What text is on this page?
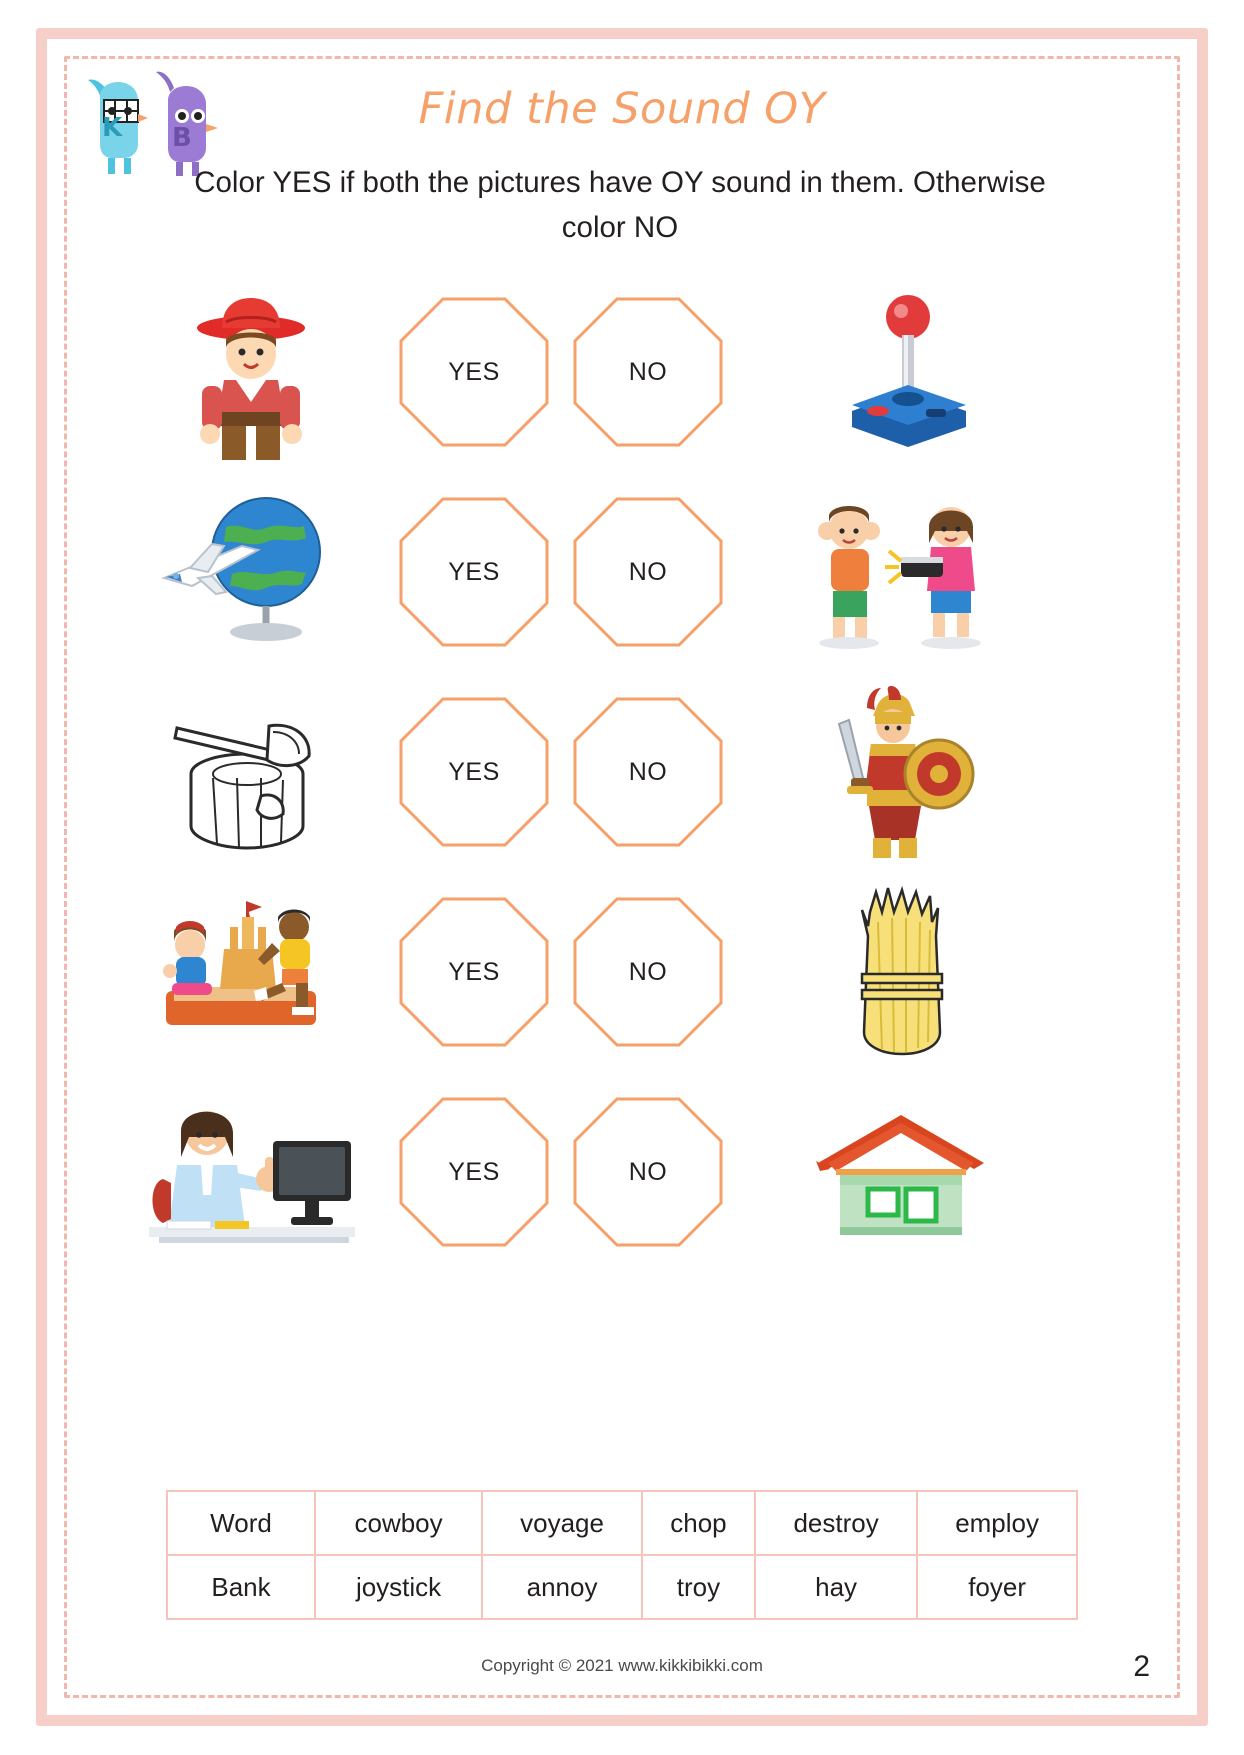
K B
Find the Sound OY
Color YES if both the pictures have OY sound in them. Otherwise color NO
YES	NO
YES	NO
YES	NO
YES	NO
YES	NO
Word	cowboy	voyage	chop	destroy	employ
Bank	joystick	annoy	troy	hay	foyer
Copyright © 2021 www.kikkibikki.com	2
